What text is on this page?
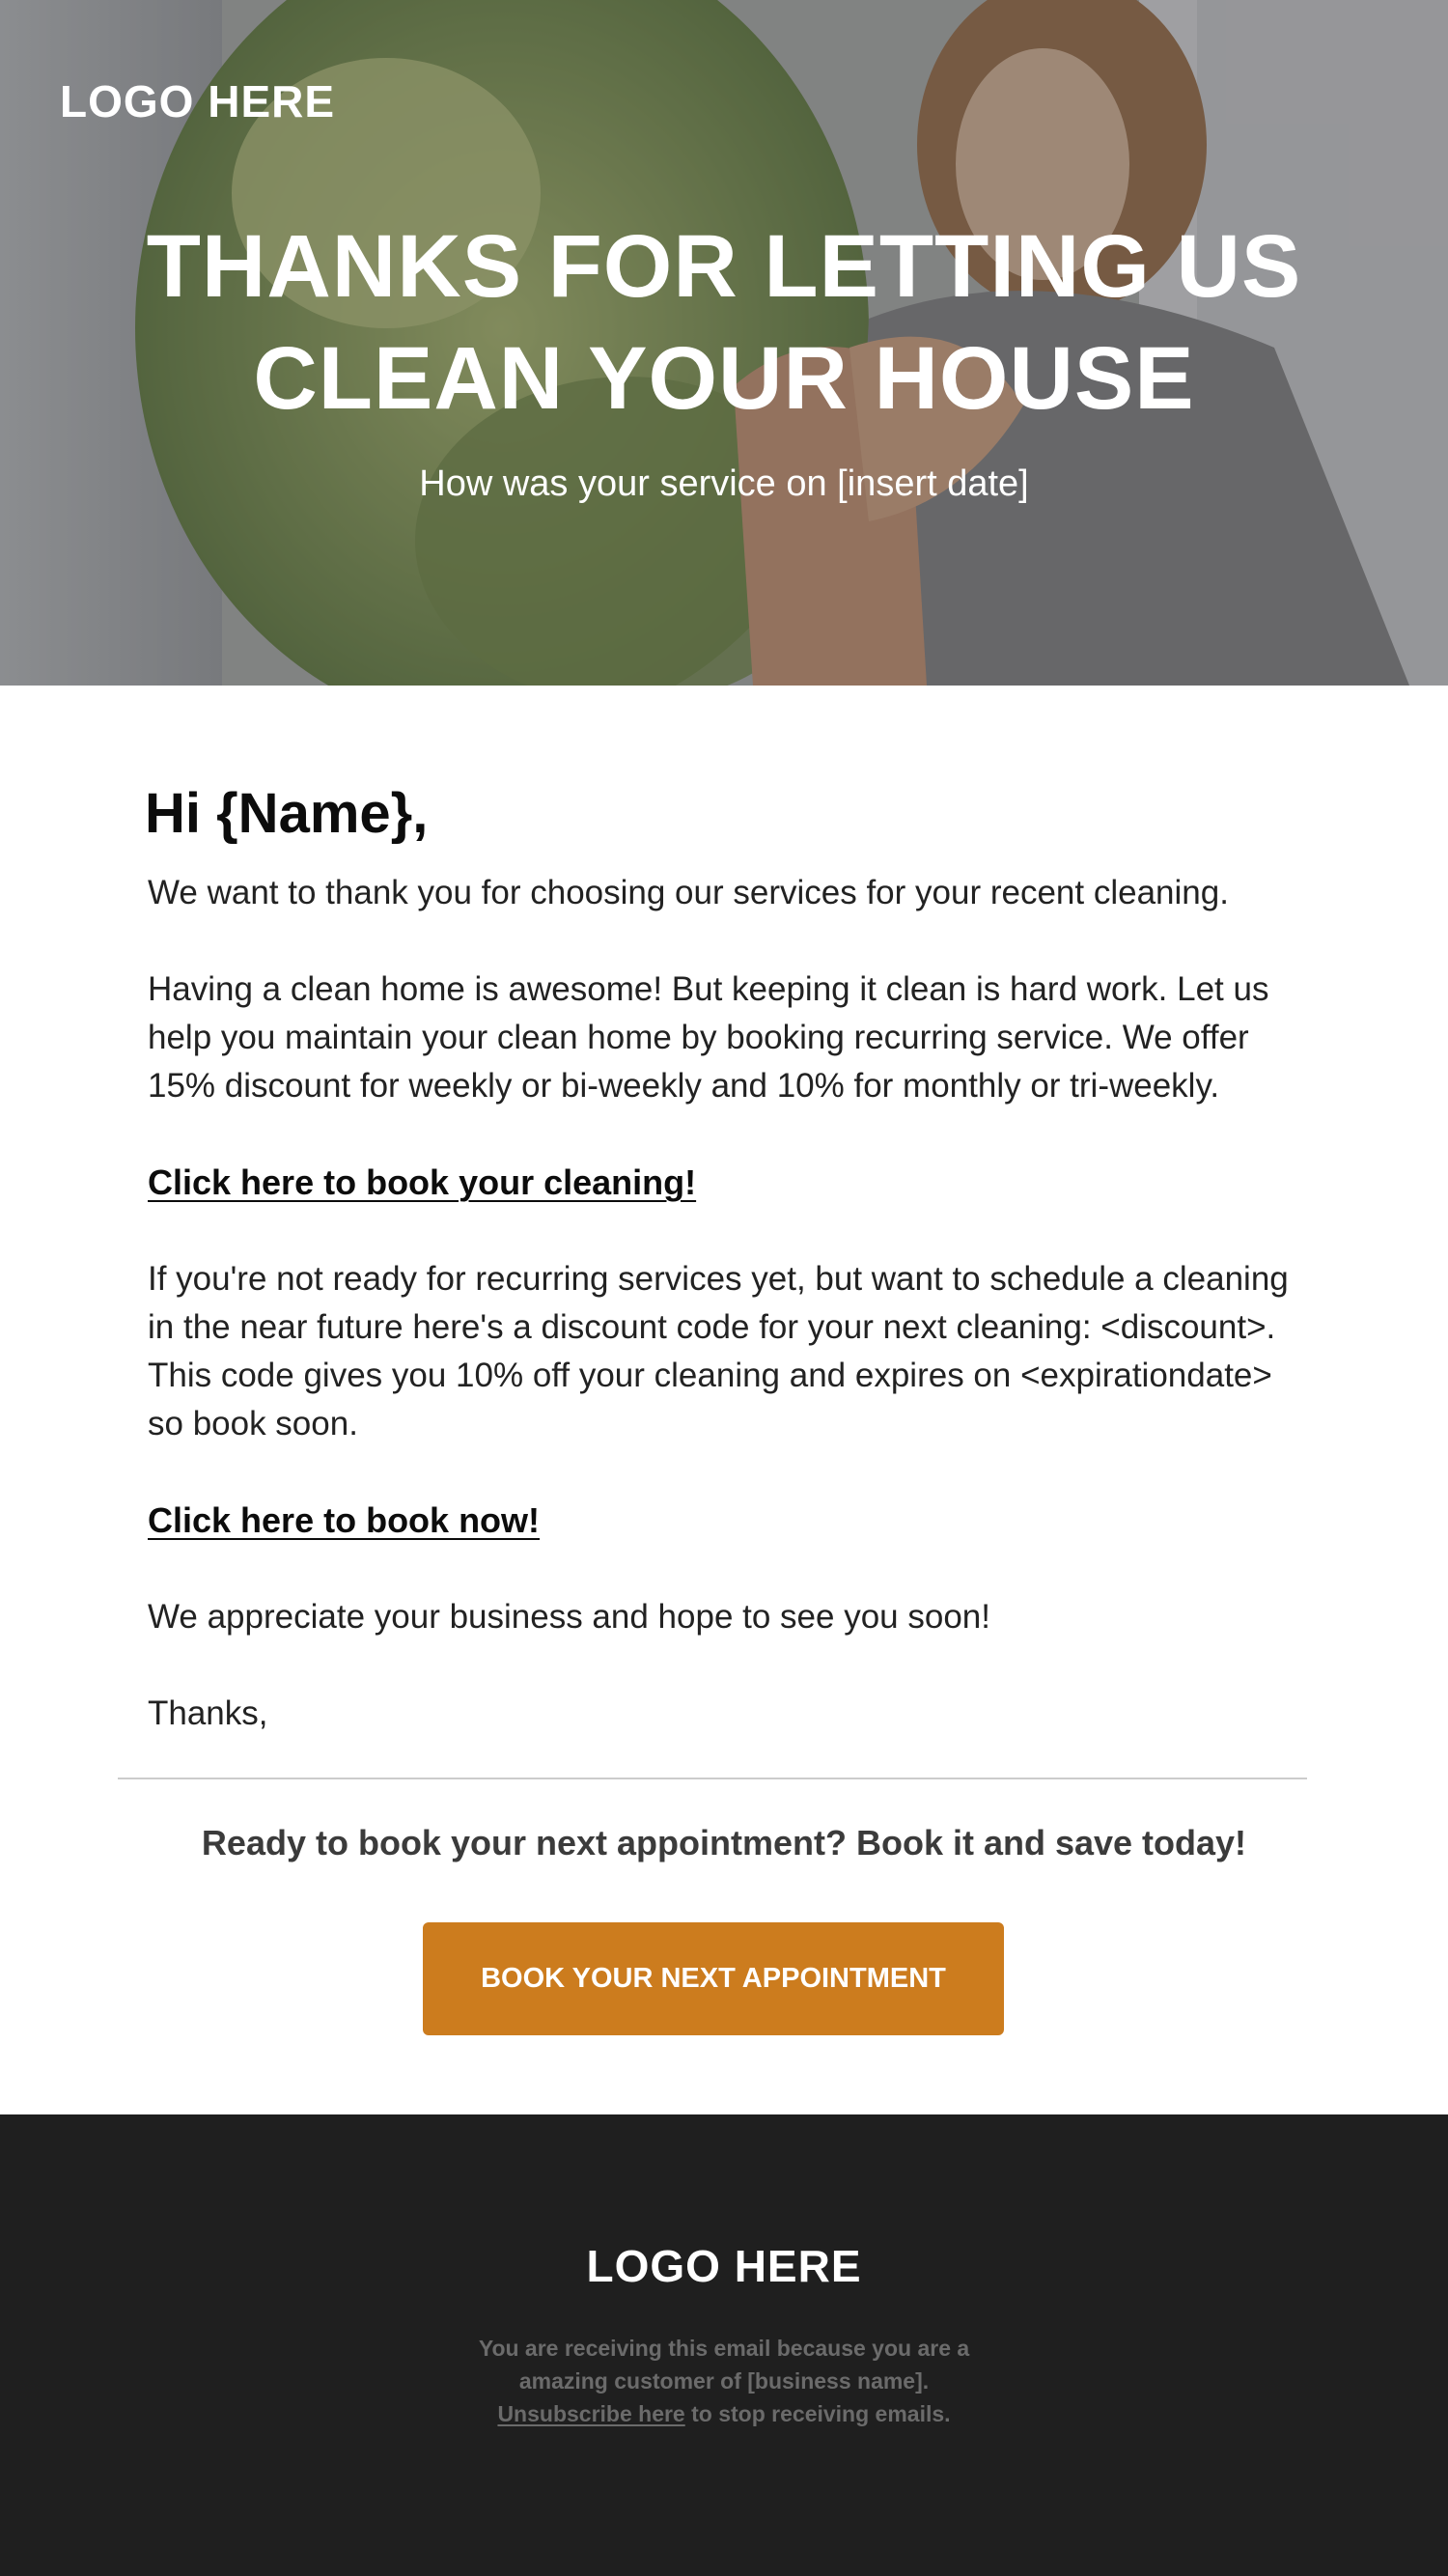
LOGO HERE
THANKS FOR LETTING US
CLEAN YOUR HOUSE
How was your service on [insert date]
Hi {Name},

We want to thank you for choosing our services for your recent cleaning.

Having a clean home is awesome! But keeping it clean is hard work. Let us help you maintain your clean home by booking recurring service. We offer 15% discount for weekly or bi-weekly and 10% for monthly or tri-weekly.

Click here to book your cleaning!

If you're not ready for recurring services yet, but want to schedule a cleaning in the near future here's a discount code for your next cleaning: <discount>. This code gives you 10% off your cleaning and expires on <expirationdate> so book soon.

Click here to book now!

We appreciate your business and hope to see you soon!

Thanks,

Ready to book your next appointment? Book it and save today!
BOOK YOUR NEXT APPOINTMENT
LOGO HERE
You are receiving this email because you are a
amazing customer of [business name].
Unsubscribe here to stop receiving emails.
